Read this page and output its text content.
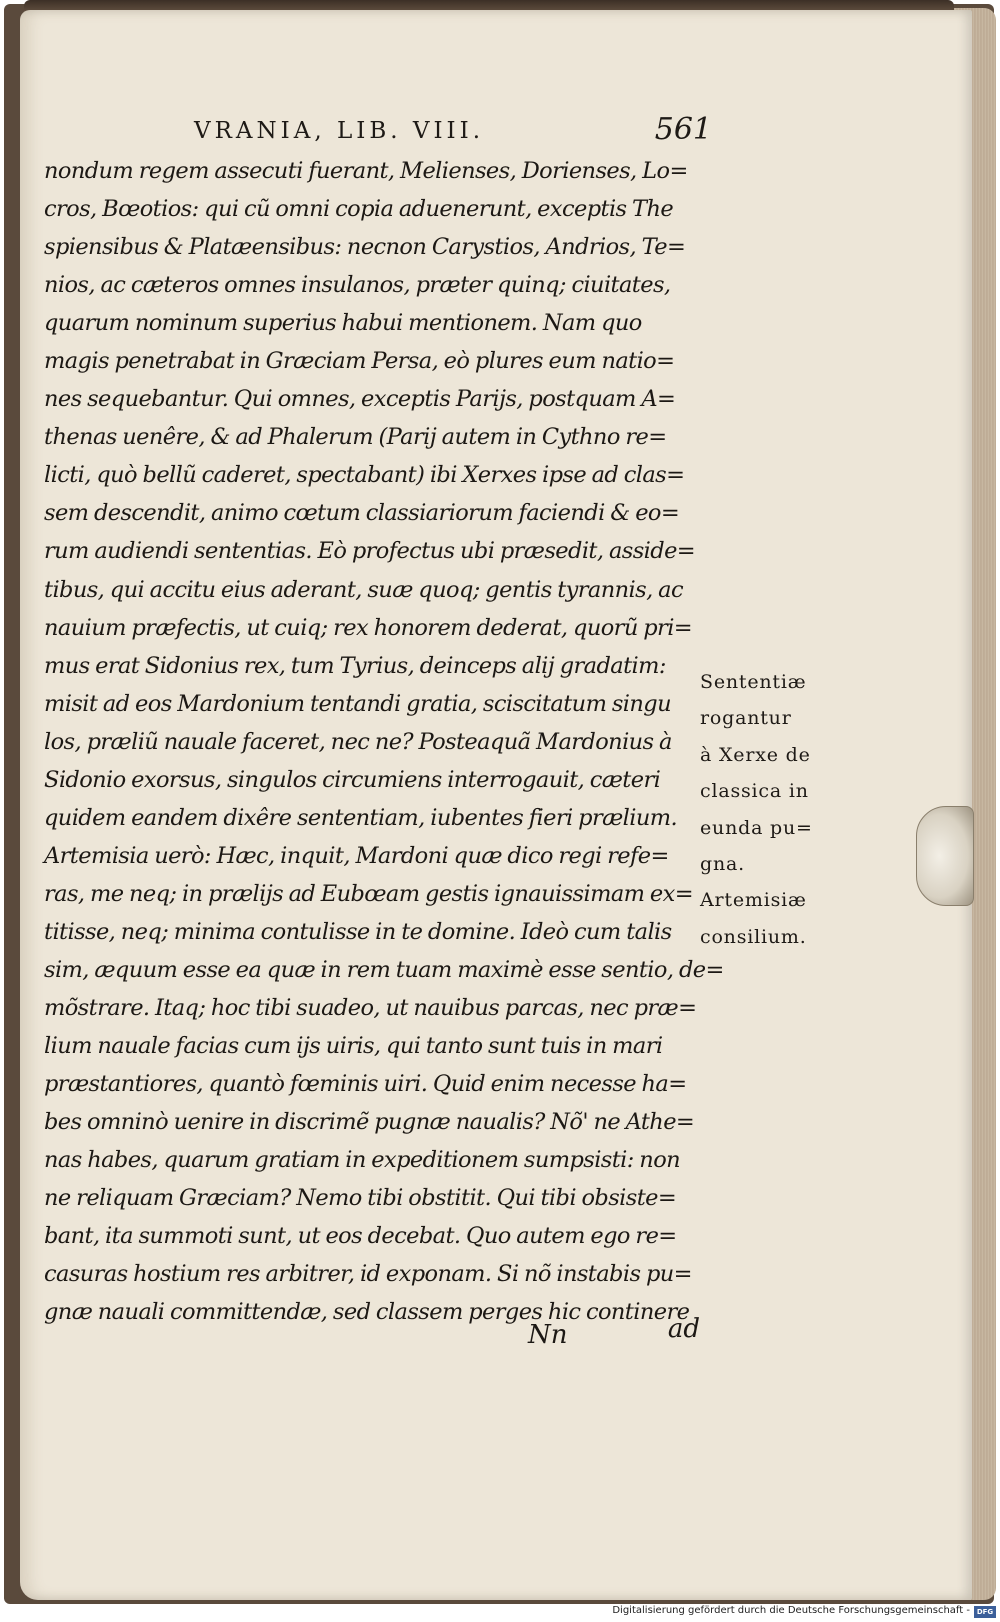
VRANIA, LIB. VIII.	561
nondum regem assecuti fuerant, Melienses, Dorienses, Lo=
cros, Bœotios: qui cũ omni copia aduenerunt, exceptis The
spiensibus & Platæensibus: necnon Carystios, Andrios, Te=
nios, ac cæteros omnes insulanos, præter quinq; ciuitates,
quarum nominum superius habui mentionem. Nam quo
magis penetrabat in Græciam Persa, eò plures eum natio=
nes sequebantur. Qui omnes, exceptis Parijs, postquam A=
thenas uenêre, & ad Phalerum (Parij autem in Cythno re=
licti, quò bellũ caderet, spectabant) ibi Xerxes ipse ad clas=
sem descendit, animo cœtum classiariorum faciendi & eo=
rum audiendi sententias. Eò profectus ubi præsedit, asside=
tibus, qui accitu eius aderant, suæ quoq; gentis tyrannis, ac
nauium præfectis, ut cuiq; rex honorem dederat, quorũ pri=
mus erat Sidonius rex, tum Tyrius, deinceps alij gradatim:
misit ad eos Mardonium tentandi gratia, sciscitatum singu
los, præliũ nauale faceret, nec ne? Posteaquã Mardonius à
Sidonio exorsus, singulos circumiens interrogauit, cæteri
quidem eandem dixêre sententiam, iubentes fieri prælium.
Artemisia uerò: Hæc, inquit, Mardoni quæ dico regi refe=
ras, me neq; in prælijs ad Eubœam gestis ignauissimam ex=
titisse, neq; minima contulisse in te domine. Ideò cum talis
sim, æquum esse ea quæ in rem tuam maximè esse sentio, de=
mõstrare. Itaq; hoc tibi suadeo, ut nauibus parcas, nec præ=
lium nauale facias cum ijs uiris, qui tanto sunt tuis in mari
præstantiores, quantò fœminis uiri. Quid enim necesse ha=
bes omninò uenire in discrimẽ pugnæ naualis? Nõ' ne Athe=
nas habes, quarum gratiam in expeditionem sumpsisti: non
ne reliquam Græciam? Nemo tibi obstitit. Qui tibi obsiste=
bant, ita summoti sunt, ut eos decebat. Quo autem ego re=
casuras hostium res arbitrer, id exponam. Si nõ instabis pu=
gnæ nauali committendæ, sed classem perges hic continere
Nn	ad
Sententiæ
rogantur
à Xerxe de
classica in
eunda pu=
gna.
Artemisiæ
consilium.
Digitalisierung gefördert durch die Deutsche Forschungsgemeinschaft - DFG
